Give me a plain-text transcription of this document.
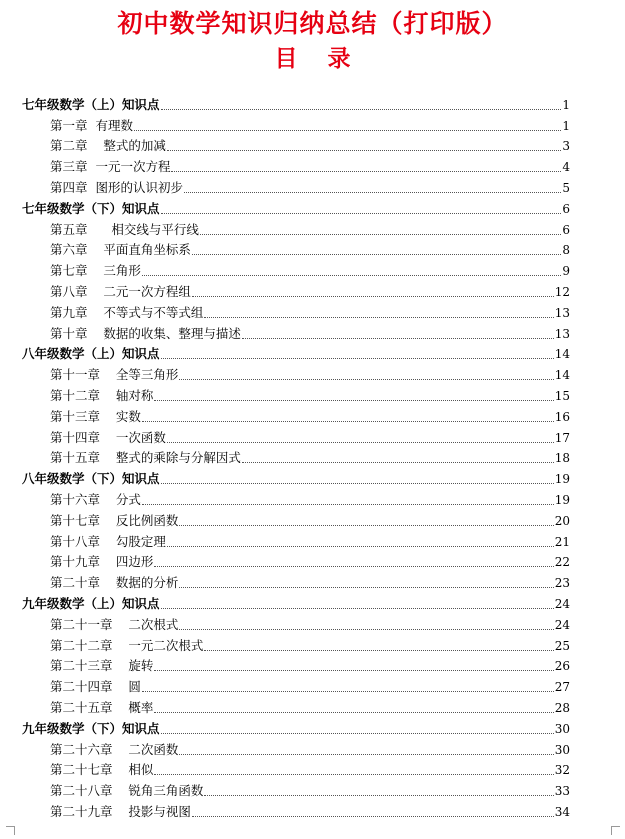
初中数学知识归纳总结（打印版）
目录
七年级数学（上）知识点	1
第一章  有理数	1
第二章    整式的加减	3
第三章  一元一次方程	4
第四章  图形的认识初步	5
七年级数学（下）知识点	6
第五章      相交线与平行线	6
第六章    平面直角坐标系	8
第七章    三角形	9
第八章    二元一次方程组	12
第九章    不等式与不等式组	13
第十章    数据的收集、整理与描述	13
八年级数学（上）知识点	14
第十一章    全等三角形	14
第十二章    轴对称	15
第十三章    实数	16
第十四章    一次函数	17
第十五章    整式的乘除与分解因式	18
八年级数学（下）知识点	19
第十六章    分式	19
第十七章    反比例函数	20
第十八章    勾股定理	21
第十九章    四边形	22
第二十章    数据的分析	23
九年级数学（上）知识点	24
第二十一章    二次根式	24
第二十二章    一元二次根式	25
第二十三章    旋转	26
第二十四章    圆	27
第二十五章    概率	28
九年级数学（下）知识点	30
第二十六章    二次函数	30
第二十七章    相似	32
第二十八章    锐角三角函数	33
第二十九章    投影与视图	34
